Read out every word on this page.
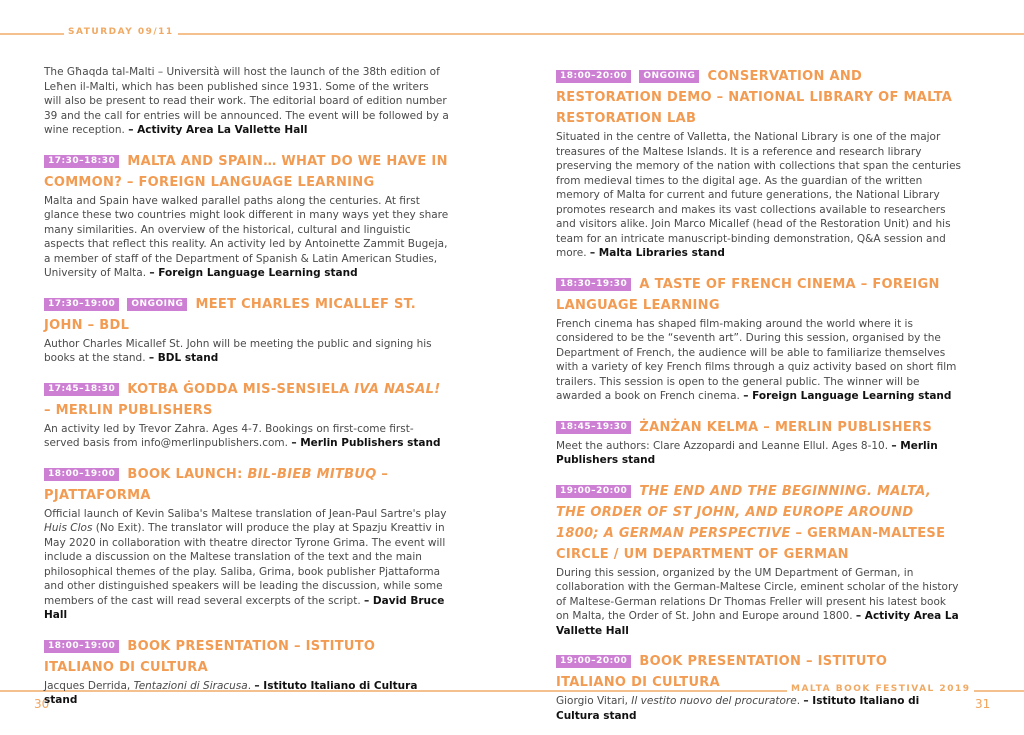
SATURDAY 09/11
MALTA BOOK FESTIVAL 2019
30	31
The Għaqda tal-Malti – Università will host the launch of the 38th edition of Leħen il-Malti, which has been published since 1931. Some of the writers will also be present to read their work. The editorial board of edition number 39 and the call for entries will be announced. The event will be followed by a wine reception. – Activity Area La Vallette Hall
17:30–18:30 MALTA AND SPAIN… WHAT DO WE HAVE IN COMMON? – FOREIGN LANGUAGE LEARNING
Malta and Spain have walked parallel paths along the centuries. At first glance these two countries might look different in many ways yet they share many similarities. An overview of the historical, cultural and linguistic aspects that reflect this reality. An activity led by Antoinette Zammit Bugeja, a member of staff of the Department of Spanish & Latin American Studies, University of Malta. – Foreign Language Learning stand
17:30–19:00 ONGOING MEET CHARLES MICALLEF ST. JOHN – BDL
Author Charles Micallef St. John will be meeting the public and signing his books at the stand. – BDL stand
17:45–18:30 KOTBA ĠODDA MIS-SENSIELA IVA NASAL! – MERLIN PUBLISHERS
An activity led by Trevor Zahra. Ages 4-7. Bookings on first-come first-served basis from info@merlinpublishers.com. – Merlin Publishers stand
18:00–19:00 BOOK LAUNCH: BIL-BIEB MITBUQ – PJATTAFORMA
Official launch of Kevin Saliba's Maltese translation of Jean-Paul Sartre's play Huis Clos (No Exit). The translator will produce the play at Spazju Kreattiv in May 2020 in collaboration with theatre director Tyrone Grima. The event will include a discussion on the Maltese translation of the text and the main philosophical themes of the play. Saliba, Grima, book publisher Pjattaforma and other distinguished speakers will be leading the discussion, while some members of the cast will read several excerpts of the script. – David Bruce Hall
18:00–19:00 BOOK PRESENTATION – ISTITUTO ITALIANO DI CULTURA
Jacques Derrida, Tentazioni di Siracusa. – Istituto Italiano di Cultura stand
18:00–20:00 ONGOING CONSERVATION AND RESTORATION DEMO – NATIONAL LIBRARY OF MALTA RESTORATION LAB
Situated in the centre of Valletta, the National Library is one of the major treasures of the Maltese Islands. It is a reference and research library preserving the memory of the nation with collections that span the centuries from medieval times to the digital age. As the guardian of the written memory of Malta for current and future generations, the National Library promotes research and makes its vast collections available to researchers and visitors alike. Join Marco Micallef (head of the Restoration Unit) and his team for an intricate manuscript-binding demonstration, Q&A session and more. – Malta Libraries stand
18:30–19:30 A TASTE OF FRENCH CINEMA – FOREIGN LANGUAGE LEARNING
French cinema has shaped film-making around the world where it is considered to be the “seventh art”. During this session, organised by the Department of French, the audience will be able to familiarize themselves with a variety of key French films through a quiz activity based on short film trailers. This session is open to the general public. The winner will be awarded a book on French cinema. – Foreign Language Learning stand
18:45–19:30 ŻANŻAN KELMA – MERLIN PUBLISHERS
Meet the authors: Clare Azzopardi and Leanne Ellul. Ages 8-10. – Merlin Publishers stand
19:00–20:00 THE END AND THE BEGINNING. MALTA, THE ORDER OF ST JOHN, AND EUROPE AROUND 1800; A GERMAN PERSPECTIVE – GERMAN-MALTESE CIRCLE / UM DEPARTMENT OF GERMAN
During this session, organized by the UM Department of German, in collaboration with the German-Maltese Circle, eminent scholar of the history of Maltese-German relations Dr Thomas Freller will present his latest book on Malta, the Order of St. John and Europe around 1800. – Activity Area La Vallette Hall
19:00–20:00 BOOK PRESENTATION – ISTITUTO ITALIANO DI CULTURA
Giorgio Vitari, Il vestito nuovo del procuratore. – Istituto Italiano di Cultura stand
